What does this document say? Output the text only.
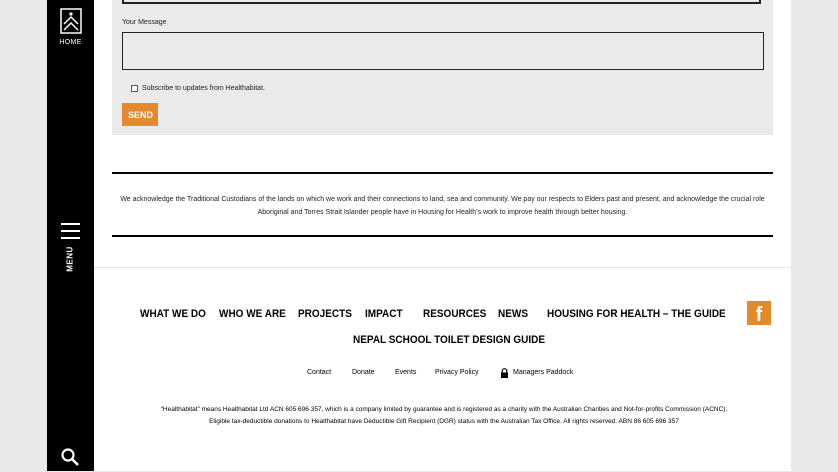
HOME
MENU
Your Message
Subscribe to updates from Healthabitat.
SEND
We acknowledge the Traditional Custodians of the lands on which we work and their connections to land, sea and community. We pay our respects to Elders past and present, and acknowledge the crucial role Aboriginal and Torres Strait Islander people have in Housing for Health’s work to improve health through better housing.
WHAT WE DO WHO WE ARE PROJECTS IMPACT RESOURCES NEWS HOUSING FOR HEALTH – THE GUIDE
NEPAL SCHOOL TOILET DESIGN GUIDE
f
Contact	Donate	Events	Privacy Policy	Managers Paddock
“Healthabitat” means Healthabitat Ltd ACN 605 696 357, which is a company limited by guarantee and is registered as a charity with the Australian Charities and Not-for-profits Commission (ACNC). Eligible tax-deductible donations to Healthabitat have Deductible Gift Recipient (DGR) status with the Australian Tax Office. All rights reserved. ABN 86 605 696 357
